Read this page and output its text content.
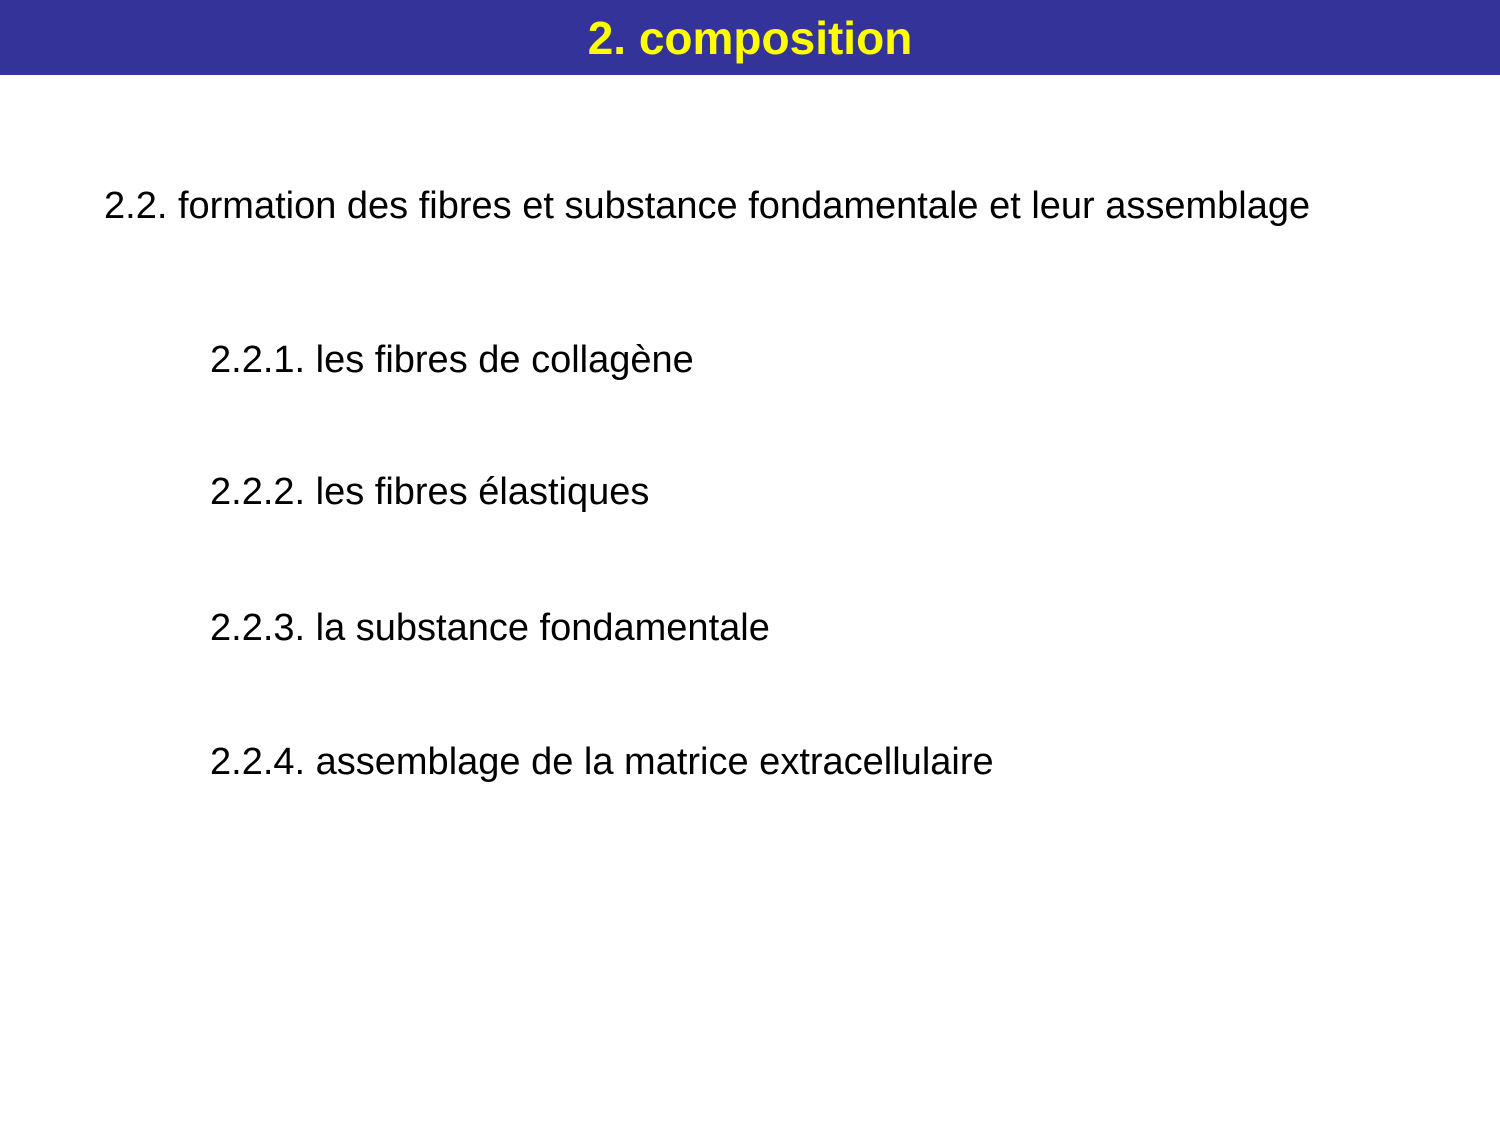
2. composition
2.2. formation des fibres et substance fondamentale et leur assemblage
2.2.1. les fibres de collagène
2.2.2. les fibres élastiques
2.2.3. la substance fondamentale
2.2.4. assemblage de la matrice extracellulaire
